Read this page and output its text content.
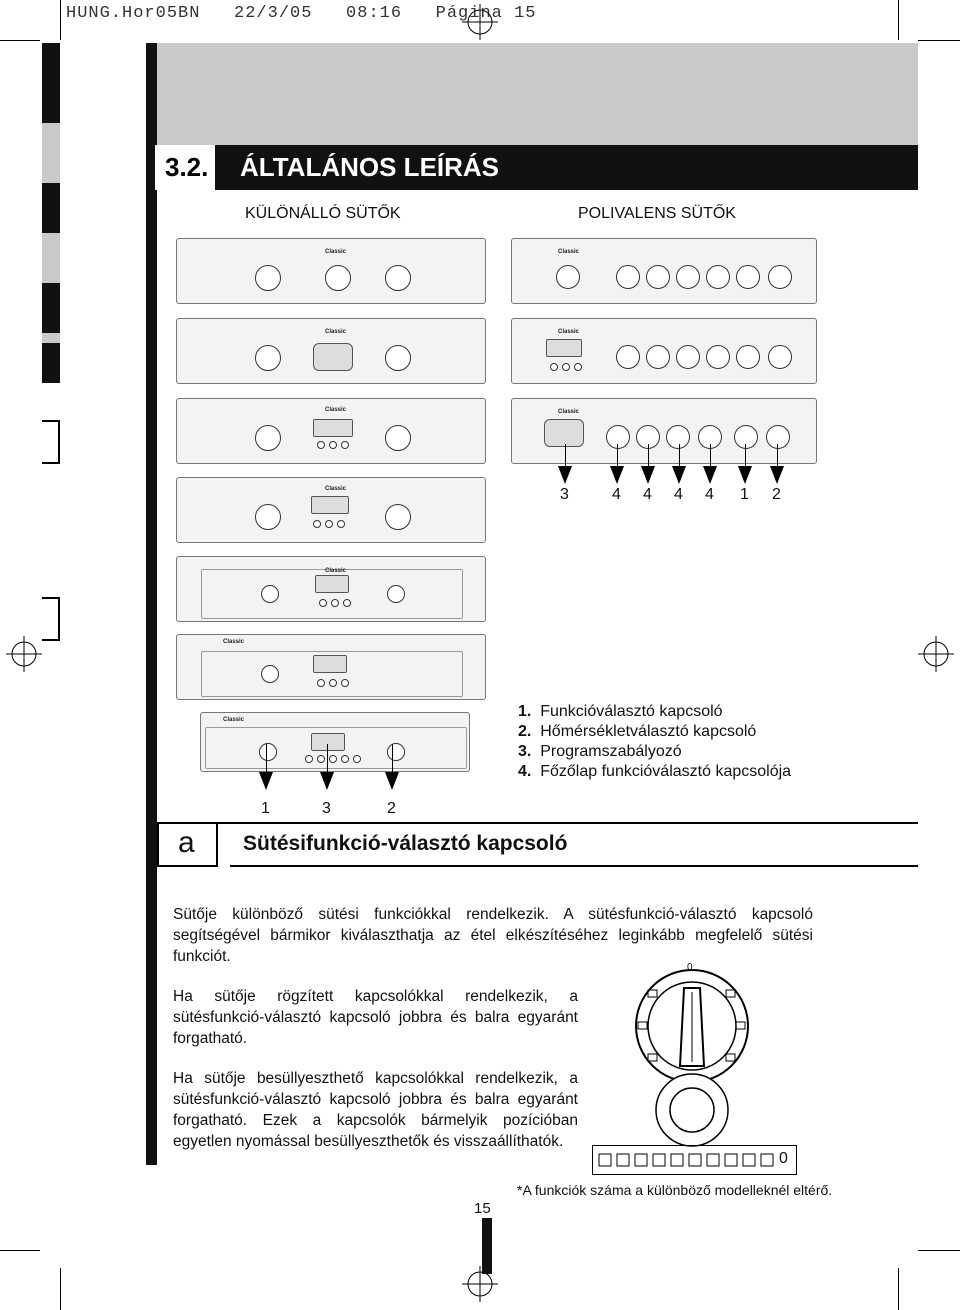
HUNG.Hor05BN   22/3/05   08:16   Página 15
3.2. ÁLTALÁNOS LEÍRÁS
KÜLÖNÁLLÓ SÜTŐK	POLIVALENS SÜTŐK
Classic
Classic
Classic
Classic
Classic
Classic
Classic
1	3	2
Classic
Classic
Classic
3	4 4 4 4 1 2
1. Funkcióválasztó kapcsoló
2. Hőmérsékletválasztó kapcsoló
3. Programszabályozó
4. Főzőlap funkcióválasztó kapcsolója
a Sütésifunkció-választó kapcsoló
Sütője különböző sütési funkciókkal rendelkezik. A sütésfunkció-választó kapcsoló segítségével bármikor kiválaszthatja az étel elkészítéséhez leginkább megfelelő sütési funkciót.
Ha sütője rögzített kapcsolókkal rendelkezik, a sütésfunkció-választó kapcsoló jobbra és balra egyaránt forgatható.
Ha sütője besüllyeszthető kapcsolókkal rendelkezik, a sütésfunkció-választó kapcsoló jobbra és balra egyaránt forgatható. Ezek a kapcsolók bármelyik pozícióban egyetlen nyomással besüllyeszthetők és visszaállíthatók.
0
0
*A funkciók száma a különböző modelleknél eltérő.
15
